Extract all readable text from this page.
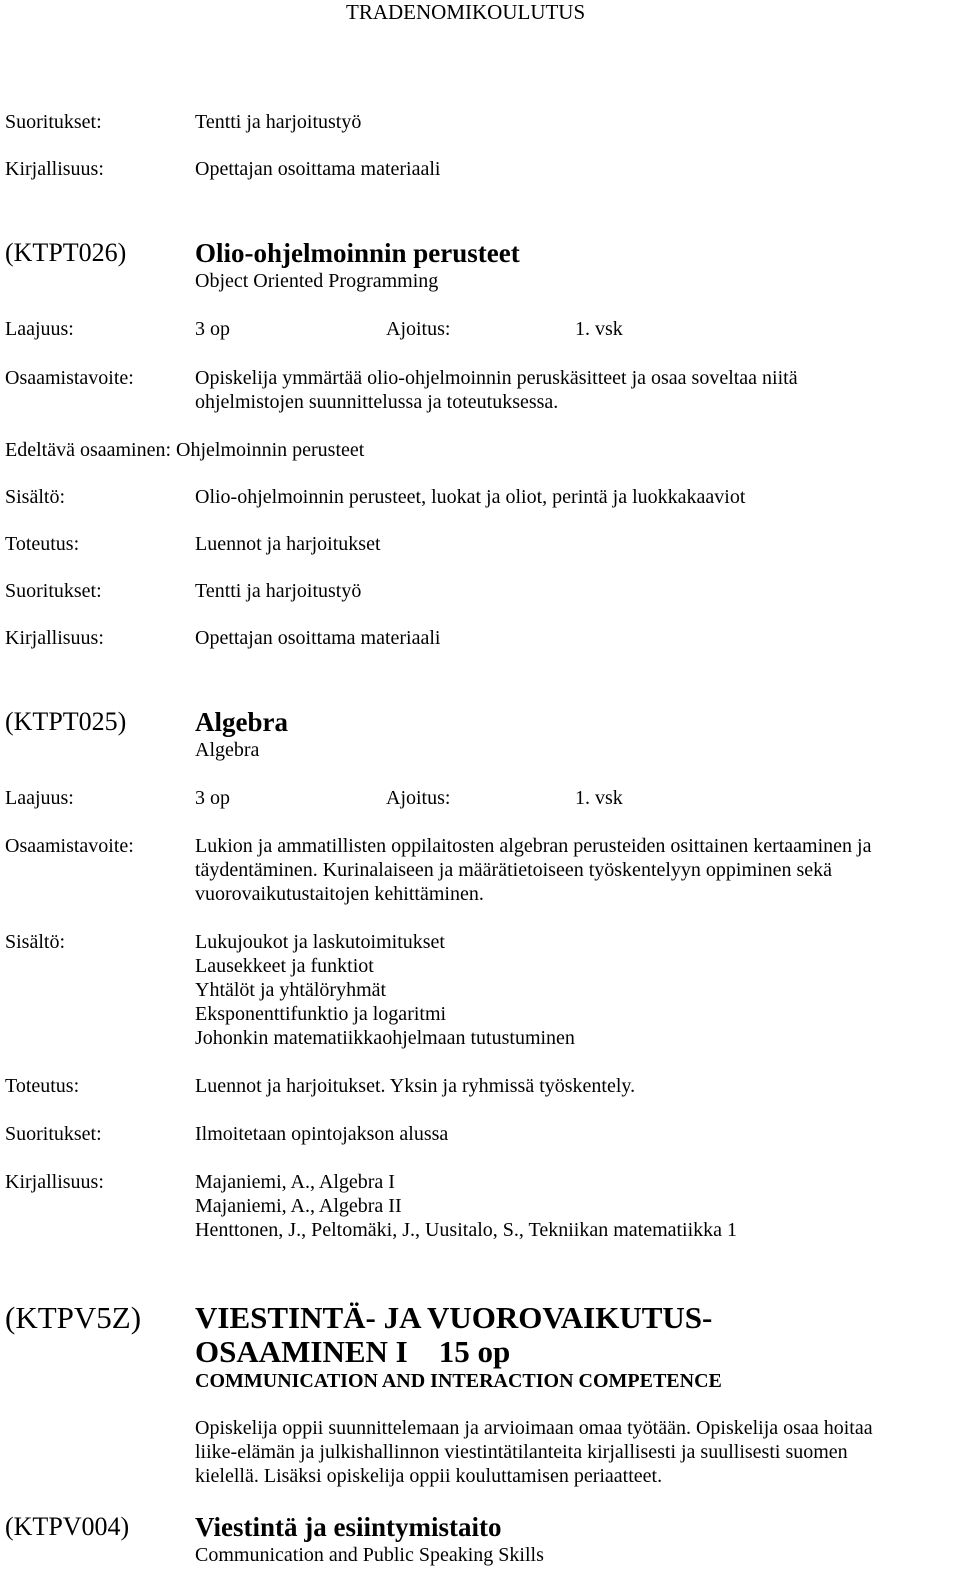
TRADENOMIKOULUTUS
Suoritukset:	Tentti ja harjoitustyö
Kirjallisuus:	Opettajan osoittama materiaali
(KTPT026)	Olio-ohjelmoinnin perusteet
Object Oriented Programming
Laajuus:	3 op	Ajoitus:	1. vsk
Osaamistavoite:	Opiskelija ymmärtää olio-ohjelmoinnin peruskäsitteet ja osaa soveltaa niitä
ohjelmistojen suunnittelussa ja toteutuksessa.
Edeltävä osaaminen: Ohjelmoinnin perusteet
Sisältö:	Olio-ohjelmoinnin perusteet, luokat ja oliot, perintä ja luokkakaaviot
Toteutus:	Luennot ja harjoitukset
Suoritukset:	Tentti ja harjoitustyö
Kirjallisuus:	Opettajan osoittama materiaali
(KTPT025)	Algebra
Algebra
Laajuus:	3 op	Ajoitus:	1. vsk
Osaamistavoite:	Lukion ja ammatillisten oppilaitosten algebran perusteiden osittainen kertaaminen ja
täydentäminen. Kurinalaiseen ja määrätietoiseen työskentelyyn oppiminen sekä
vuorovaikutustaitojen kehittäminen.
Sisältö:	Lukujoukot ja laskutoimitukset
Lausekkeet ja funktiot
Yhtälöt ja yhtälöryhmät
Eksponenttifunktio ja logaritmi
Johonkin matematiikkaohjelmaan tutustuminen
Toteutus:	Luennot ja harjoitukset. Yksin ja ryhmissä työskentely.
Suoritukset:	Ilmoitetaan opintojakson alussa
Kirjallisuus:	Majaniemi, A., Algebra I
Majaniemi, A., Algebra II
Henttonen, J., Peltomäki, J., Uusitalo, S., Tekniikan matematiikka 1
(KTPV5Z) VIESTINTÄ- JA VUOROVAIKUTUS-
OSAAMINEN I    15 op
COMMUNICATION AND INTERACTION COMPETENCE
Opiskelija oppii suunnittelemaan ja arvioimaan omaa työtään. Opiskelija osaa hoitaa
liike-elämän ja julkishallinnon viestintätilanteita kirjallisesti ja suullisesti suomen
kielellä. Lisäksi opiskelija oppii kouluttamisen periaatteet.
(KTPV004) Viestintä ja esiintymistaito
Communication and Public Speaking Skills
